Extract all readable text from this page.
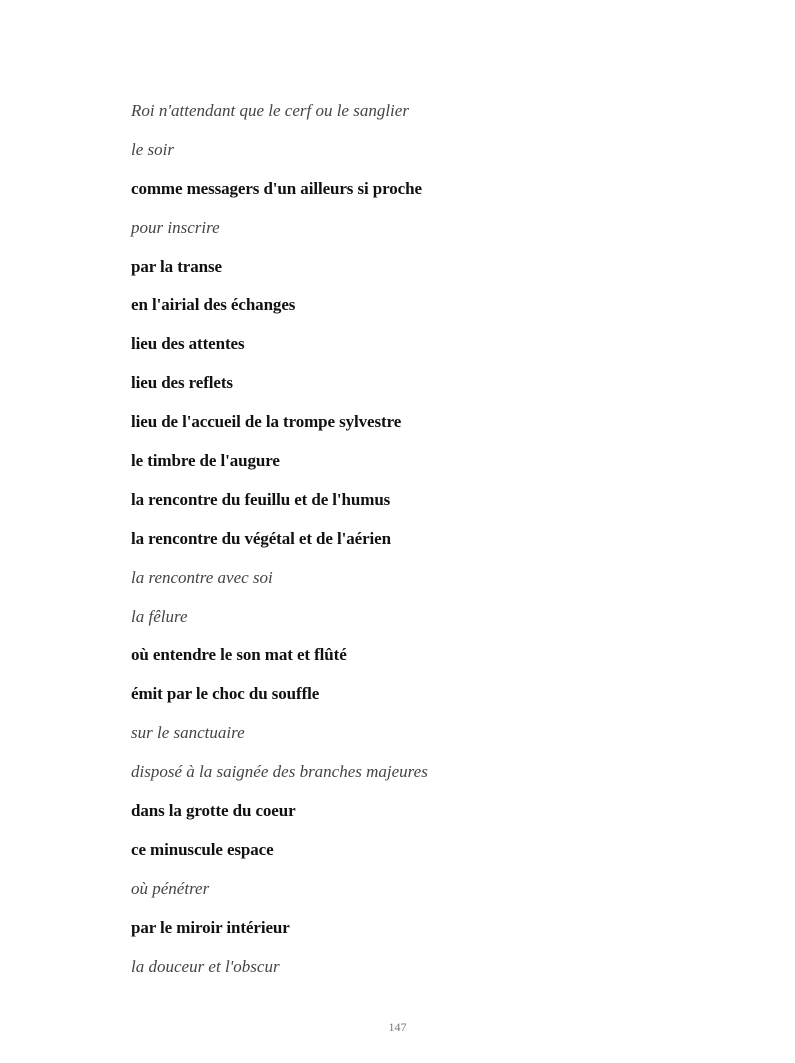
Roi n'attendant que le cerf ou le sanglier
le soir
comme messagers d'un ailleurs si proche
pour inscrire
par la transe
en l'airial des échanges
lieu des attentes
lieu des reflets
lieu de l'accueil de la trompe sylvestre
le timbre de l'augure
la rencontre du feuillu et de l'humus
la rencontre du végétal et de l'aérien
la rencontre avec soi
la fêlure
où entendre le son mat et flûté
émit par le choc du souffle
sur le sanctuaire
disposé à la saignée des branches majeures
dans la grotte du coeur
ce minuscule espace
où pénétrer
par le miroir intérieur
la douceur et l'obscur
147
